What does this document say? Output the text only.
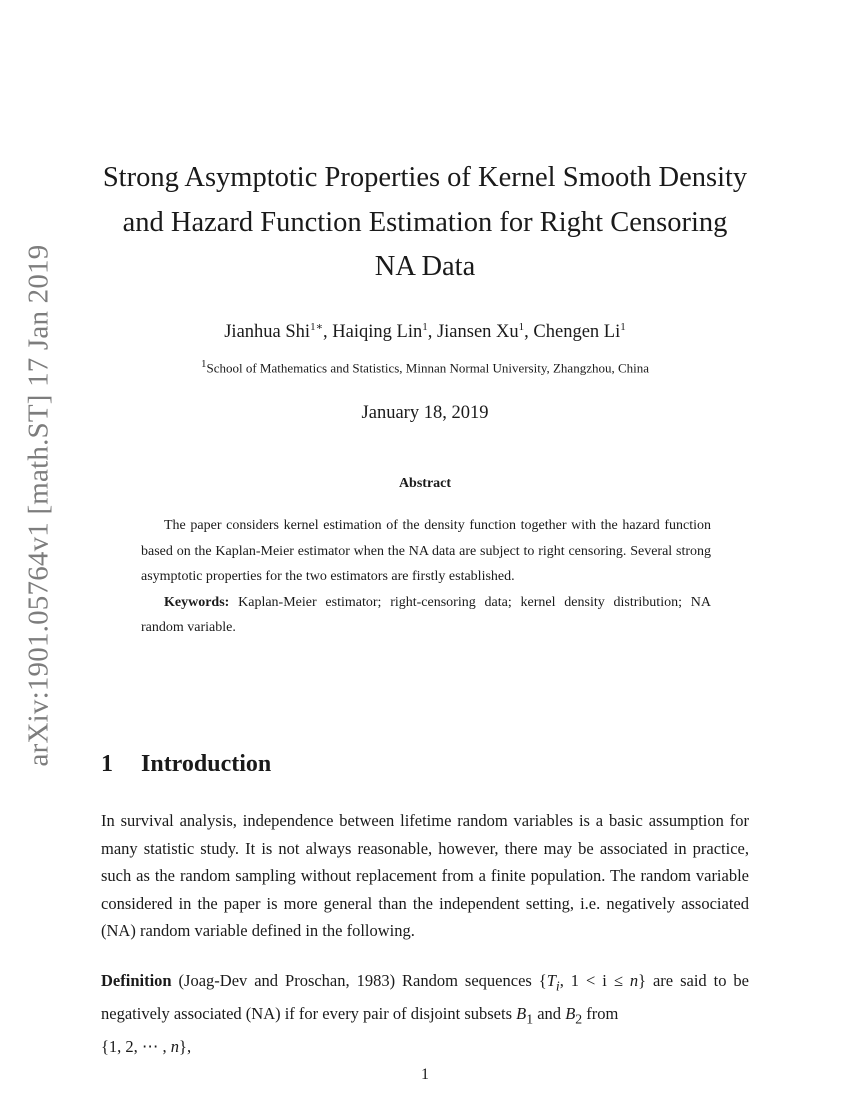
arXiv:1901.05764v1 [math.ST] 17 Jan 2019
Strong Asymptotic Properties of Kernel Smooth Density
and Hazard Function Estimation for Right Censoring
NA Data
Jianhua Shi$^{1∗}$, Haiqing Lin$^1$, Jiansen Xu$^1$, Chengen Li$^1$
$^1$School of Mathematics and Statistics, Minnan Normal University, Zhangzhou, China
January 18, 2019
Abstract

The paper considers kernel estimation of the density function together with the hazard function based on the Kaplan-Meier estimator when the NA data are subject to right censoring. Several strong asymptotic properties for the two estimators are firstly established.

Keywords: Kaplan-Meier estimator; right-censoring data; kernel density distribution; NA random variable.

1 Introduction

In survival analysis, independence between lifetime random variables is a basic assumption for many statistic study. It is not always reasonable, however, there may be associated in practice, such as the random sampling without replacement from a finite population. The random variable considered in the paper is more general than the independent setting, i.e. negatively associated (NA) random variable defined in the following.

Definition (Joag-Dev and Proschan, 1983) Random sequences {$T_i$, 1 < i ≤ n} are said to be negatively associated (NA) if for every pair of disjoint subsets $B_1$ and $B_2$ from
{1, 2, ⋯ , n},

1
